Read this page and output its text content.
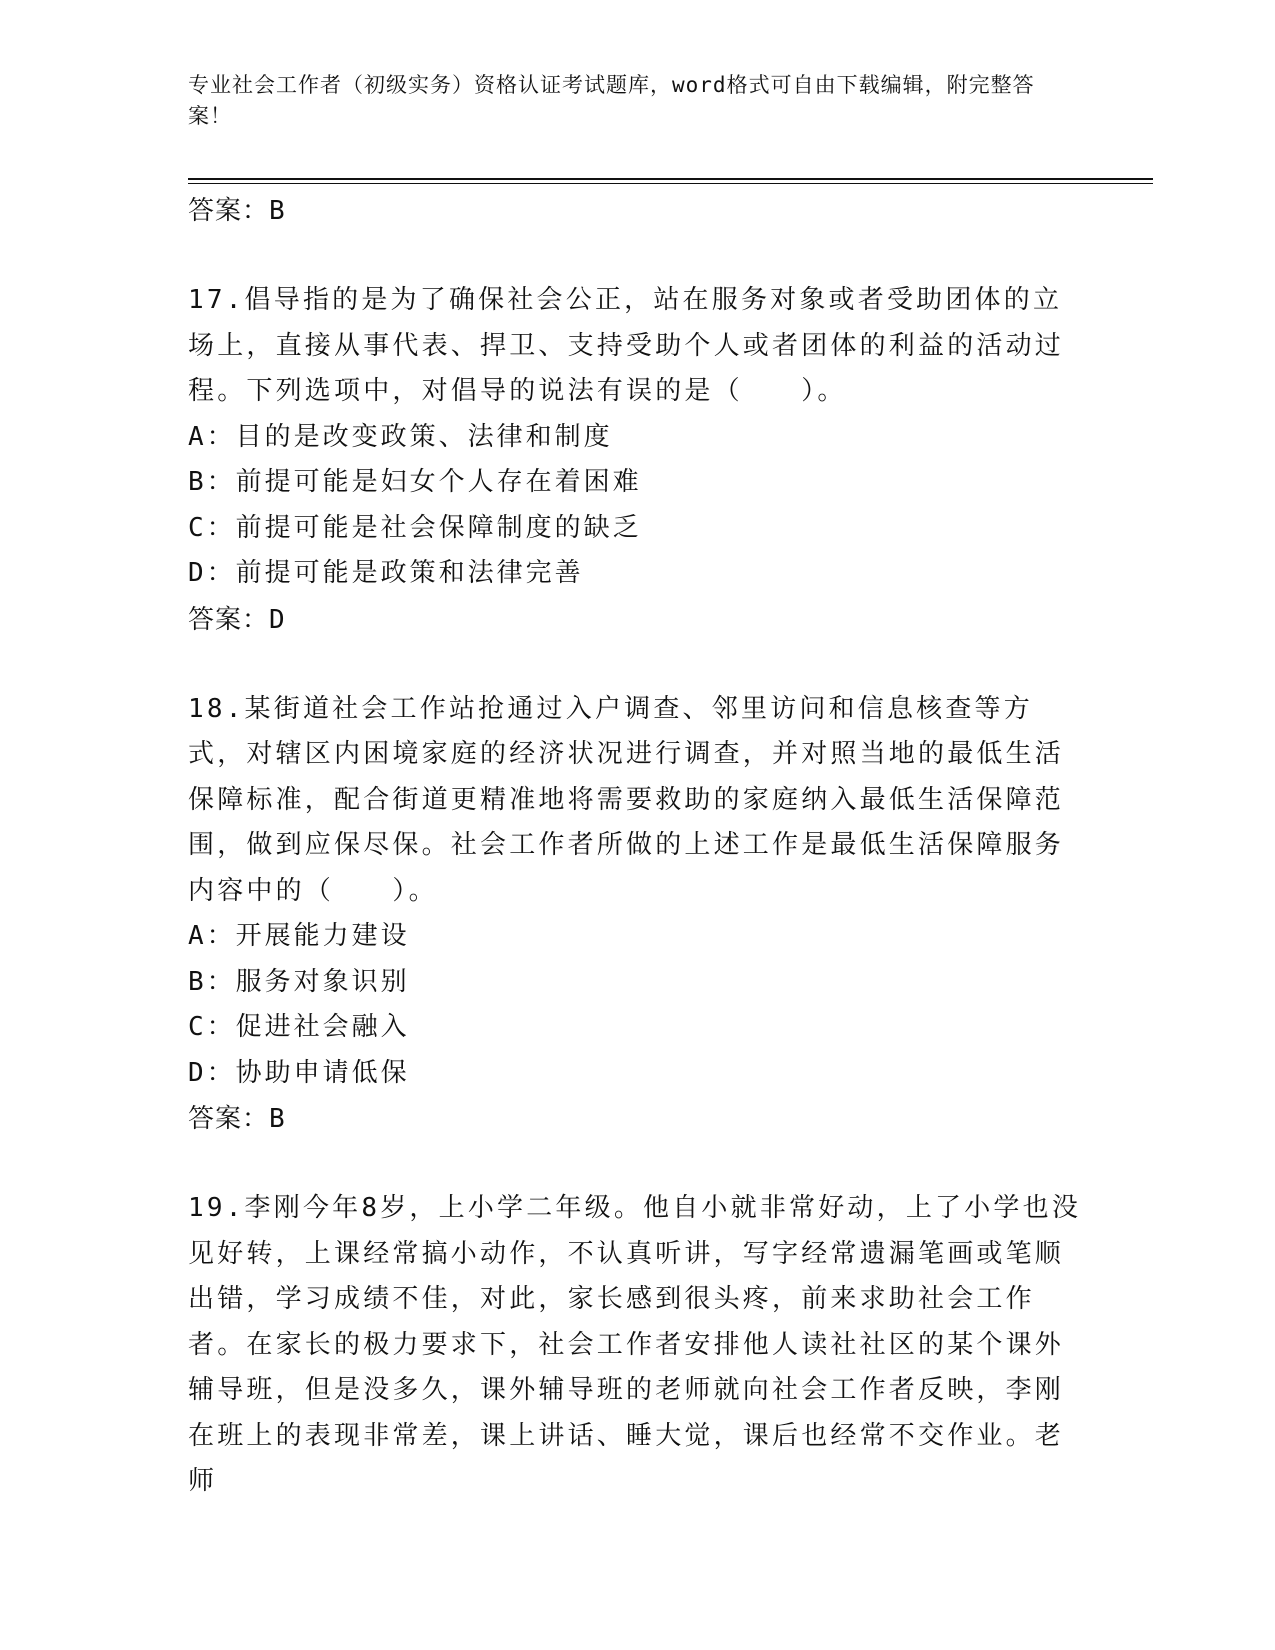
专业社会工作者（初级实务）资格认证考试题库，word格式可自由下载编辑，附完整答案！

答案：B

17.倡导指的是为了确保社会公正，站在服务对象或者受助团体的立场上，直接从事代表、捍卫、支持受助个人或者团体的利益的活动过程。下列选项中，对倡导的说法有误的是（　　）。

A：目的是改变政策、法律和制度

B：前提可能是妇女个人存在着困难

C：前提可能是社会保障制度的缺乏

D：前提可能是政策和法律完善

答案：D

18.某街道社会工作站抢通过入户调查、邻里访问和信息核查等方式，对辖区内困境家庭的经济状况进行调查，并对照当地的最低生活保障标准，配合街道更精准地将需要救助的家庭纳入最低生活保障范围，做到应保尽保。社会工作者所做的上述工作是最低生活保障服务内容中的（　　）。

A：开展能力建设

B：服务对象识别

C：促进社会融入

D：协助申请低保

答案：B

19.李刚今年8岁，上小学二年级。他自小就非常好动，上了小学也没见好转，上课经常搞小动作，不认真听讲，写字经常遗漏笔画或笔顺出错，学习成绩不佳，对此，家长感到很头疼，前来求助社会工作者。在家长的极力要求下，社会工作者安排他人读社社区的某个课外辅导班，但是没多久，课外辅导班的老师就向社会工作者反映，李刚在班上的表现非常差，课上讲话、睡大觉，课后也经常不交作业。老师
